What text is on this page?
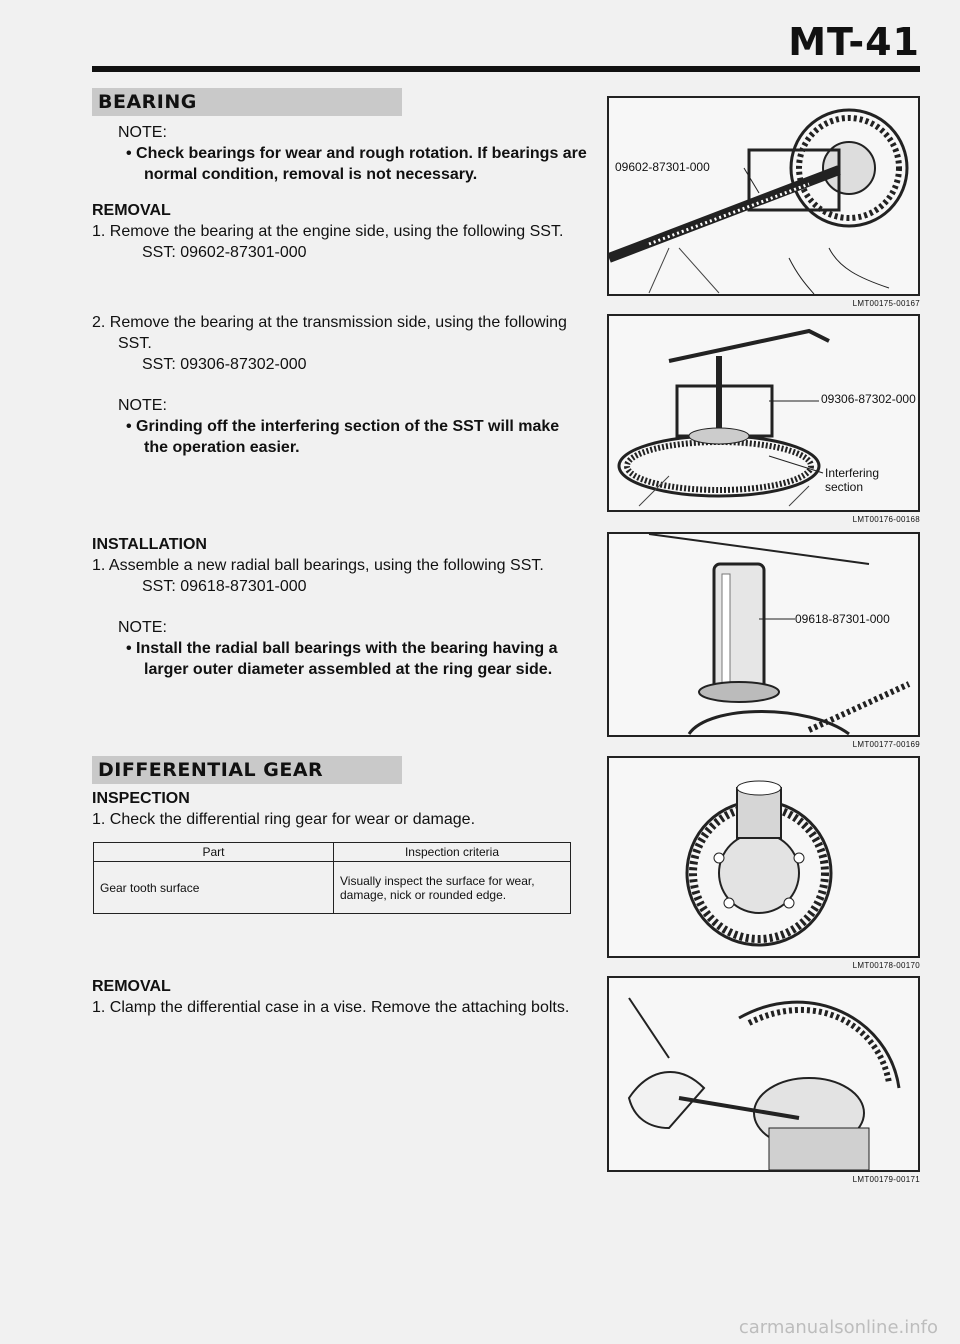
MT-41
BEARING
NOTE:
• Check bearings for wear and rough rotation. If bearings are normal condition, removal is not necessary.
REMOVAL
1. Remove the bearing at the engine side, using the following SST.
SST: 09602-87301-000
2. Remove the bearing at the transmission side, using the following SST.
SST: 09306-87302-000
NOTE:
• Grinding off the interfering section of the SST will make the operation easier.
INSTALLATION
1. Assemble a new radial ball bearings, using the following SST.
SST: 09618-87301-000
NOTE:
• Install the radial ball bearings with the bearing having a larger outer diameter assembled at the ring gear side.
DIFFERENTIAL GEAR
INSPECTION
1. Check the differential ring gear for wear or damage.
Part	Inspection criteria
Gear tooth surface	Visually inspect the surface for wear, damage, nick or rounded edge.
REMOVAL
1. Clamp the differential case in a vise. Remove the attaching bolts.
09602-87301-000
LMT00175-00167
09306-87302-000
Interfering section
LMT00176-00168
09618-87301-000
LMT00177-00169
LMT00178-00170
LMT00179-00171
carmanualsonline.info
